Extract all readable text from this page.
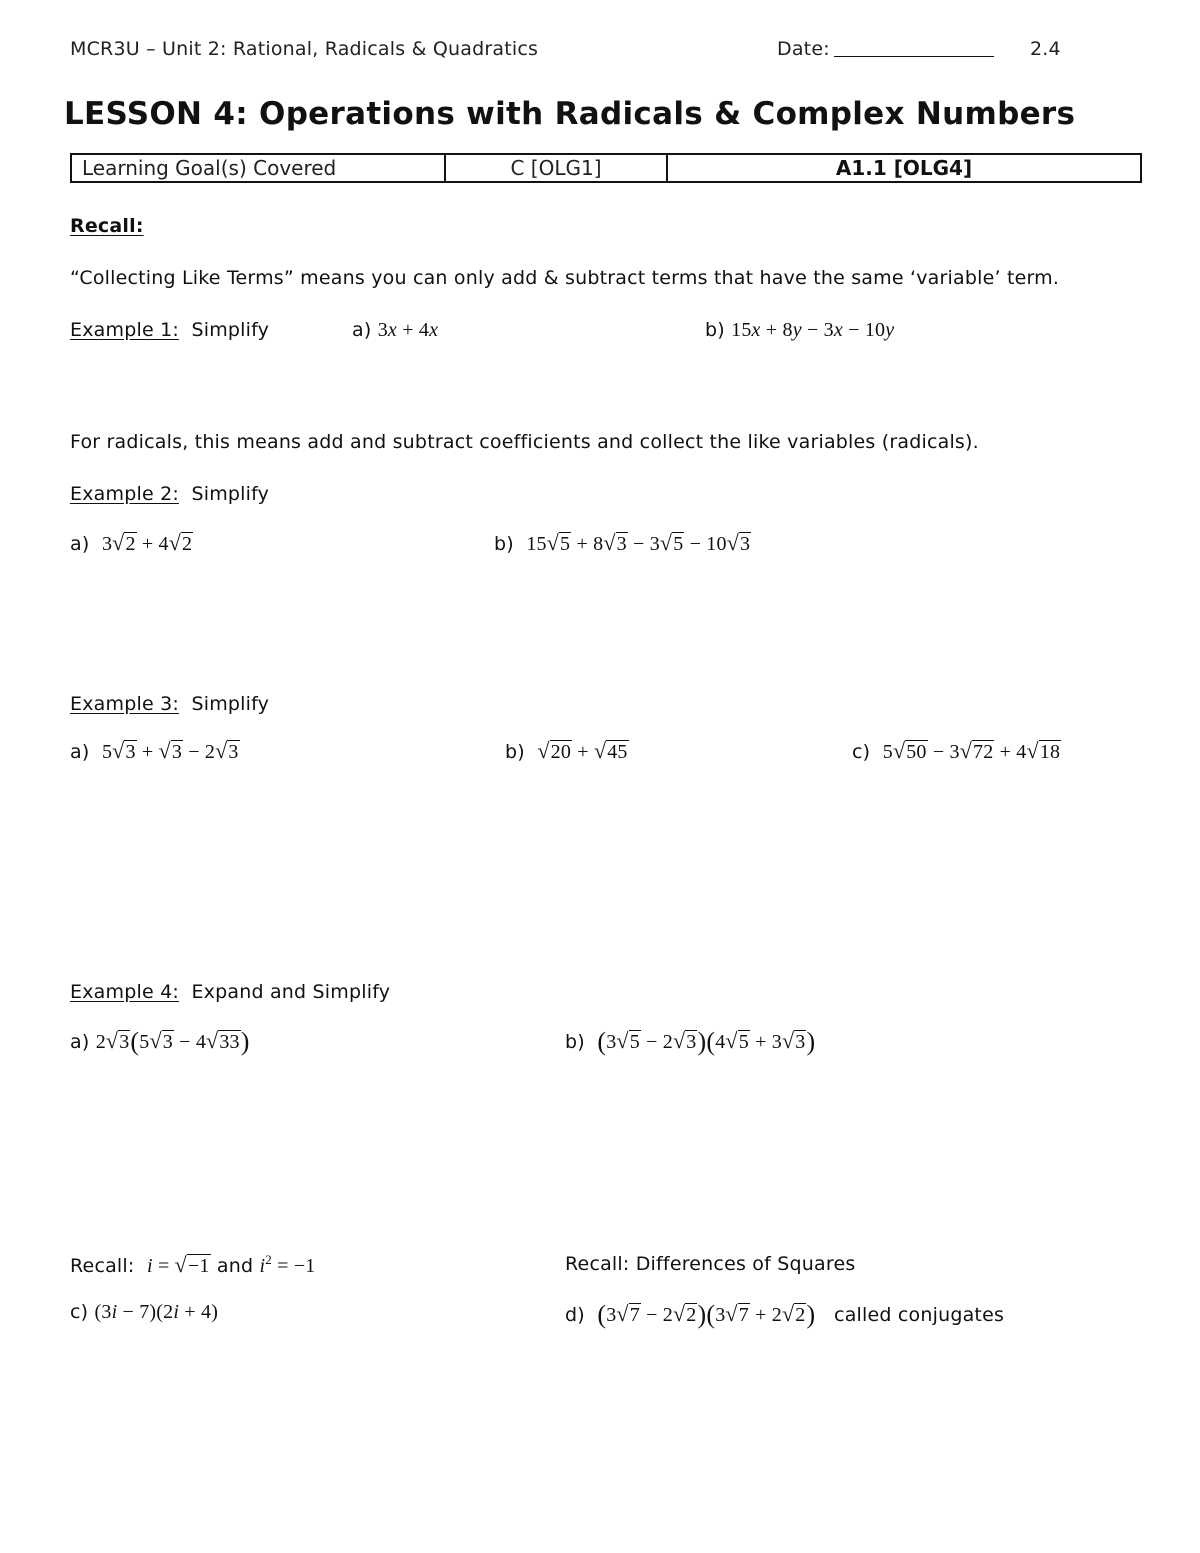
MCR3U – Unit 2: Rational, Radicals & Quadratics	Date:	2.4
LESSON 4: Operations with Radicals & Complex Numbers
Learning Goal(s) Covered	C [OLG1]	A1.1 [OLG4]
Recall:
“Collecting Like Terms” means you can only add & subtract terms that have the same ‘variable’ term.
Example 1: Simplify	a) 3x + 4x	b) 15x + 8y − 3x − 10y
For radicals, this means add and subtract coefficients and collect the like variables (radicals).
Example 2: Simplify
a) 3√2 + 4√2	b) 15√5 + 8√3 − 3√5 − 10√3
Example 3: Simplify
a) 5√3 + √3 − 2√3	b) √20 + √45	c) 5√50 − 3√72 + 4√18
Example 4: Expand and Simplify
a) 2√3(5√3 − 4√33)	b) (3√5 − 2√3)(4√5 + 3√3)
Recall: i = √−1 and $i^2 = -1$	Recall: Differences of Squares
c) (3i − 7)(2i + 4)	d) (3√7 − 2√2)(3√7 + 2√2) called conjugates
